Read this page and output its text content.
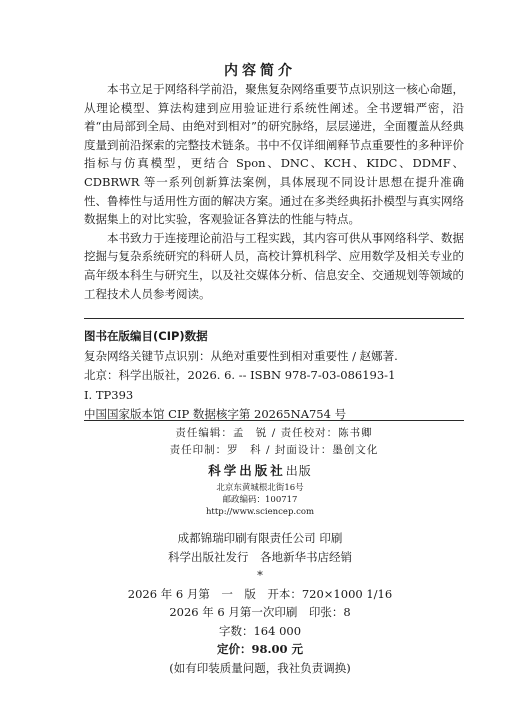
内容简介

本书立足于网络科学前沿，聚焦复杂网络重要节点识别这一核心命题，从理论模型、算法构建到应用验证进行系统性阐述。全书逻辑严密，沿着“由局部到全局、由绝对到相对”的研究脉络，层层递进，全面覆盖从经典度量到前沿探索的完整技术链条。书中不仅详细阐释节点重要性的多种评价指标与仿真模型，更结合 Spon、DNC、KCH、KIDC、DDMF、CDBRWR 等一系列创新算法案例，具体展现不同设计思想在提升准确性、鲁棒性与适用性方面的解决方案。通过在多类经典拓扑模型与真实网络数据集上的对比实验，客观验证各算法的性能与特点。

本书致力于连接理论前沿与工程实践，其内容可供从事网络科学、数据挖掘与复杂系统研究的科研人员，高校计算机科学、应用数学及相关专业的高年级本科生与研究生，以及社交媒体分析、信息安全、交通规划等领域的工程技术人员参考阅读。

图书在版编目(CIP)数据
复杂网络关键节点识别：从绝对重要性到相对重要性 / 赵娜著.
北京：科学出版社，2026. 6. -- ISBN 978-7-03-086193-1
Ⅰ. TP393
中国国家版本馆 CIP 数据核字第 20265NA754 号
责任编辑：孟　锐 / 责任校对：陈书卿
责任印制：罗　科 / 封面设计：墨创文化
科学出版社出版
北京东黄城根北街16号
邮政编码：100717
http://www.sciencep.com
成都锦瑞印刷有限责任公司 印刷
科学出版社发行　各地新华书店经销
*
2026 年 6 月第　一　版　开本：720×1000 1/16
2026 年 6 月第一次印刷　印张：8
字数：164 000
定价：98.00 元
(如有印装质量问题，我社负责调换)
